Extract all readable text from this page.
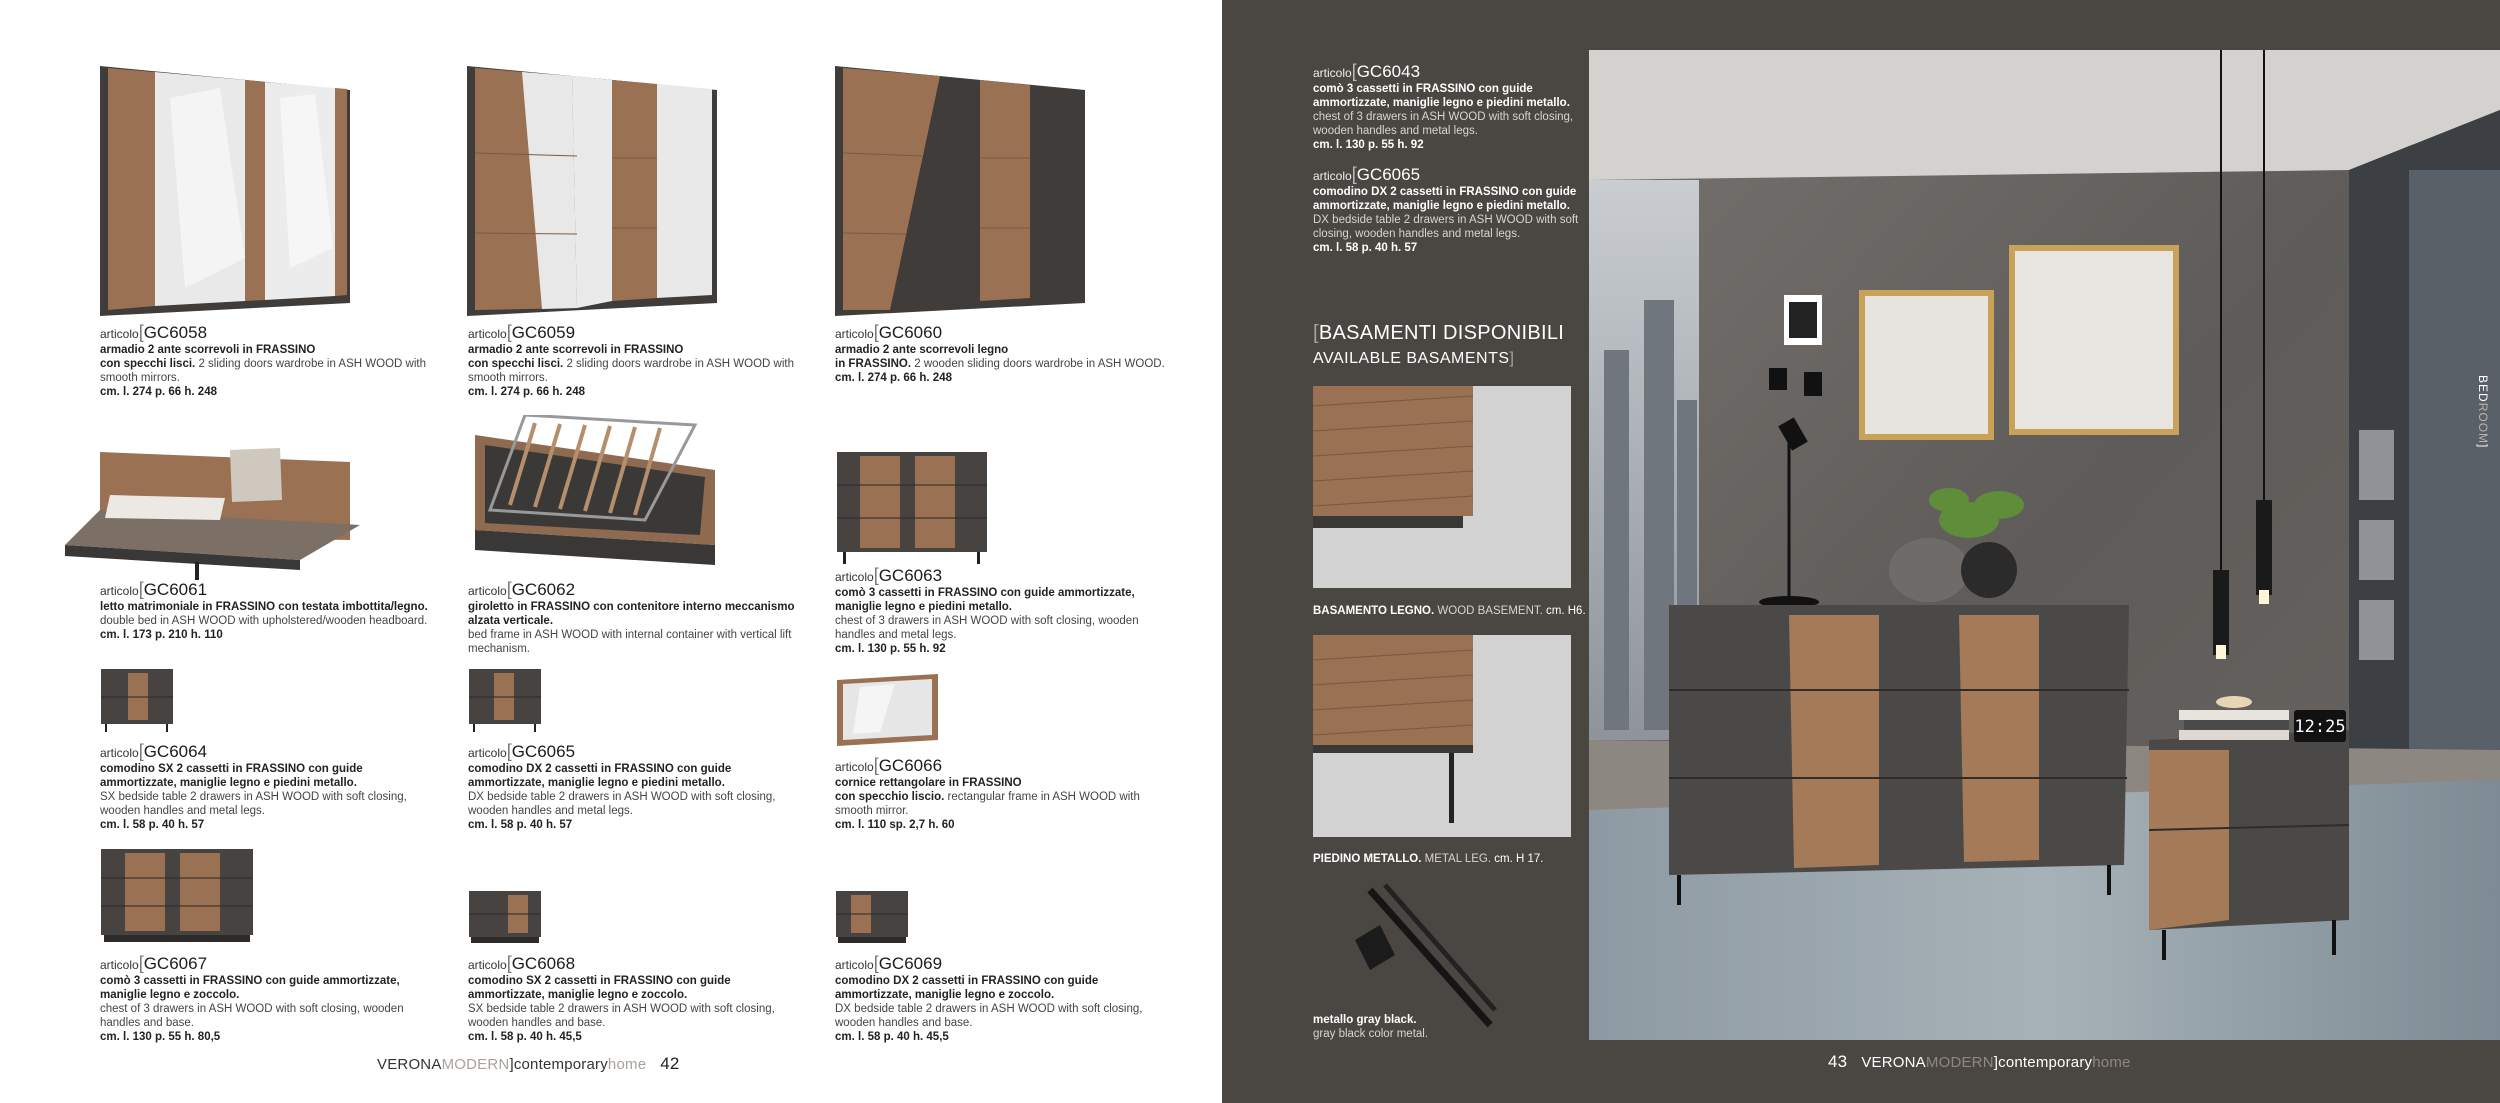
articolo[GC6058
armadio 2 ante scorrevoli in FRASSINO
con specchi lisci. 2 sliding doors wardrobe in ASH WOOD with smooth mirrors.
cm. l. 274 p. 66 h. 248
articolo[GC6059
armadio 2 ante scorrevoli in FRASSINO
con specchi lisci. 2 sliding doors wardrobe in ASH WOOD with smooth mirrors.
cm. l. 274 p. 66 h. 248
articolo[GC6060
armadio 2 ante scorrevoli legno
in FRASSINO. 2 wooden sliding doors wardrobe in ASH WOOD.
cm. l. 274 p. 66 h. 248
articolo[GC6061
letto matrimoniale in FRASSINO con testata imbottita/legno.
double bed in ASH WOOD with upholstered/wooden headboard.
cm. l. 173 p. 210 h. 110
articolo[GC6062
giroletto in FRASSINO con contenitore interno meccanismo alzata verticale.
bed frame in ASH WOOD with internal container with vertical lift mechanism.
articolo[GC6063
comò 3 cassetti in FRASSINO con guide ammortizzate, maniglie legno e piedini metallo.
chest of 3 drawers in ASH WOOD with soft closing, wooden handles and metal legs.
cm. l. 130 p. 55 h. 92
articolo[GC6064
comodino SX 2 cassetti in FRASSINO con guide ammortizzate, maniglie legno e piedini metallo.
SX bedside table 2 drawers in ASH WOOD with soft closing, wooden handles and metal legs.
cm. l. 58 p. 40 h. 57
articolo[GC6065
comodino DX 2 cassetti in FRASSINO con guide ammortizzate, maniglie legno e piedini metallo.
DX bedside table 2 drawers in ASH WOOD with soft closing, wooden handles and metal legs.
cm. l. 58 p. 40 h. 57
articolo[GC6066
cornice rettangolare in FRASSINO
con specchio liscio. rectangular frame in ASH WOOD with smooth mirror.
cm. l. 110 sp. 2,7 h. 60
articolo[GC6067
comò 3 cassetti in FRASSINO con guide ammortizzate, maniglie legno e zoccolo.
chest of 3 drawers in ASH WOOD with soft closing, wooden handles and base.
cm. l. 130 p. 55 h. 80,5
articolo[GC6068
comodino SX 2 cassetti in FRASSINO con guide ammortizzate, maniglie legno e zoccolo.
SX bedside table 2 drawers in ASH WOOD with soft closing, wooden handles and base.
cm. l. 58 p. 40 h. 45,5
articolo[GC6069
comodino DX 2 cassetti in FRASSINO con guide ammortizzate, maniglie legno e zoccolo.
DX bedside table 2 drawers in ASH WOOD with soft closing, wooden handles and base.
cm. l. 58 p. 40 h. 45,5
VERONAMODERN]contemporaryhome 42
articolo[GC6043
comò 3 cassetti in FRASSINO con guide ammortizzate, maniglie legno e piedini metallo.
chest of 3 drawers in ASH WOOD with soft closing, wooden handles and metal legs.
cm. l. 130 p. 55 h. 92
articolo[GC6065
comodino DX 2 cassetti in FRASSINO con guide ammortizzate, maniglie legno e piedini metallo.
DX bedside table 2 drawers in ASH WOOD with soft closing, wooden handles and metal legs.
cm. l. 58 p. 40 h. 57
[BASAMENTI DISPONIBILI
AVAILABLE BASAMENTS]
BASAMENTO LEGNO. WOOD BASEMENT. cm. H6.
PIEDINO METALLO. METAL LEG. cm. H 17.
metallo gray black.
gray black color metal.
12:25
BEDROOM]
43 VERONAMODERN]contemporaryhome
